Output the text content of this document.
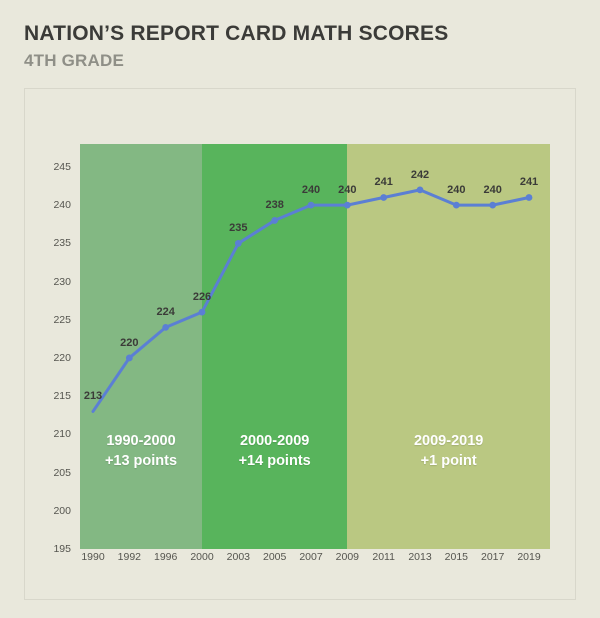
NATION’S REPORT CARD MATH SCORES
4TH GRADE
195
200
205
210
215
220
225
230
235
240
245
1990-2000
+13 points
2000-2009
+14 points
2009-2019
+1 point
213
220
224
226
235
238
240 240
241
242
240 240
241
1990 1992 1996 2000 2003 2005 2007 2009 2011 2013 2015 2017 2019
